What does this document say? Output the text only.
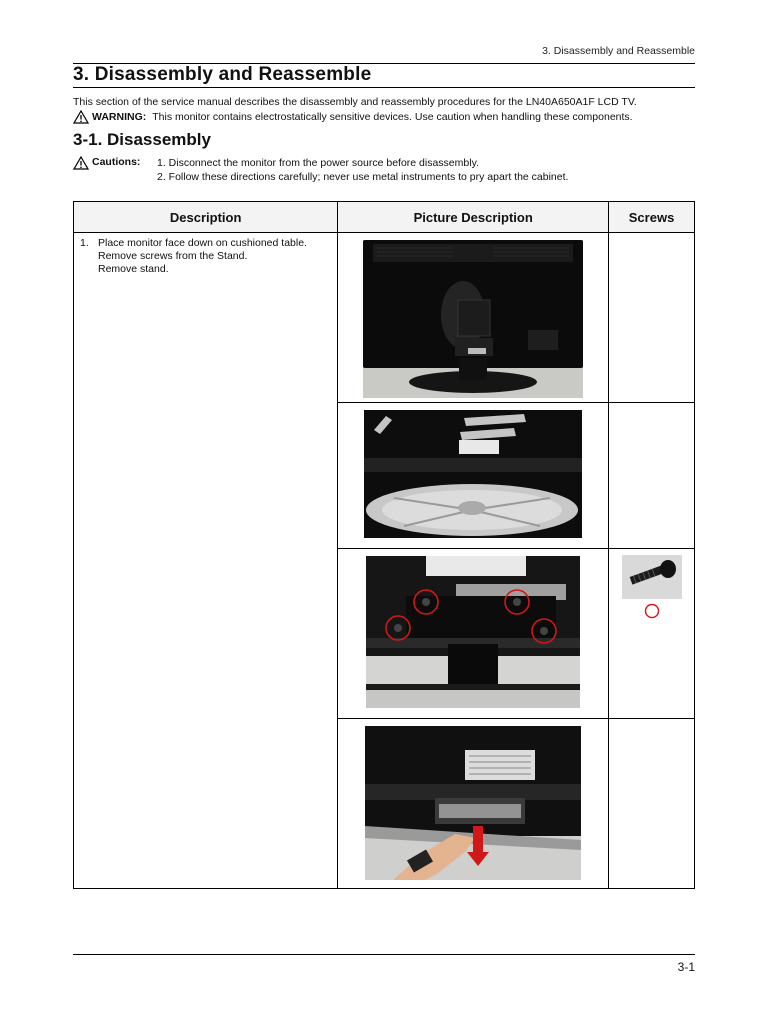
3. Disassembly and Reassemble
3. Disassembly and Reassemble
This section of the service manual describes the disassembly and reassembly procedures for the LN40A650A1F LCD TV.
WARNING: This monitor contains electrostatically sensitive devices. Use caution when handling these components.
3-1. Disassembly
Cautions: 1. Disconnect the monitor from the power source before disassembly.
2. Follow these directions carefully; never use metal instruments to pry apart the cabinet.
Description	Picture Description	Screws

1. Place monitor face down on cushioned table.
Remove screws from the Stand.
Remove stand.

3-1
